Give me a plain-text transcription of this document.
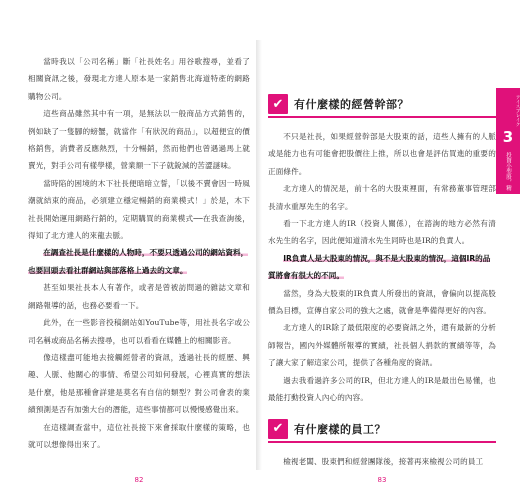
當時我以「公司名稱」斷「社長姓名」用谷歌搜尋，並看了相關資訊之後，發現北方達人原本是一家銷售北海道特產的網路購物公司。

這些商品雖然其中有一項，是無法以一般商品方式銷售的，例如缺了一隻腳的螃蟹，就當作「有狀況的商品」，以超便宜的價格銷售，消費者反應熱烈，十分暢銷，然而他們也曾遇過馬上就賣光，對手公司有樣學樣，營業額一下子就銳減的苦澀謎味。

當時陷的困境的木下社長便暗暗立誓，「以後不賣會因一時風潮就結束的商品，必須建立穩定暢銷的商業模式！」於是，木下社長開始運用網路行銷的，定期購買的商業模式──在我查詢後，得知了北方達人的來龍去脈。

在調查社長是什麼樣的人物時，不要只透過公司的網站資料，也要回頭去看社群網站與部落格上過去的文章。

甚至如果社長本人有著作，或者是曾被訪問過的雜誌文章和網路報導的話，也務必要看一下。

此外，在一些影音投稿網站如YouTube等，用社長名字或公司名稱或商品名稱去搜尋，也可以看看在媒體上的相關影音。

像這樣盡可能地去接觸經營者的資訊，透過社長的經歷、興趣、人脈、他關心的事情、希望公司如何發展，心裡真實的想法是什麼，他是那種會詳建是莫名有自信的類型？對公司會表的業績預測是否有加強大台的潛能，這些事情都可以慢慢感覺出來。

在這樣調查當中，這位社長接下來會採取什麼樣的策略，也就可以想像得出來了。

82
アイスブレイク
3
投資小型股，精
✔ 有什麼樣的經營幹部？

不只是社長，如果經營幹部是大股東的話，這些人擁有的人脈或是能力也有可能會把股價往上推，所以也會是評估買進的重要的正面條件。

北方達人的情況是，前十名的大股東裡面，有常務董事管理部長清水重厚先生的名字。

看一下北方達人的IR（投資人關係），在諮詢的地方必然有清水先生的名字，因此便知道清水先生同時也是IR的負責人。

IR負責人是大股東的情況，與不是大股東的情況，這個IR的品質將會有很大的不同。

當然，身為大股東的IR負責人所發出的資訊，會偏向以提高股價為目標，宣傳自家公司的強大之處，就會是準備得更好的內容。

北方達人的IR除了最低限度的必要資訊之外，還有最新的分析師報告，國內外媒體所報導的實績，社長個人捐款的實績等等，為了讓大家了解這家公司，提供了各種角度的資訊。

過去我看過許多公司的IR，但北方達人的IR是最出色易懂，也最能打動投資人內心的內容。

✔ 有什麼樣的員工？

檢視老闆、股東們和經營團隊後，接著再來檢視公司的員工

83
